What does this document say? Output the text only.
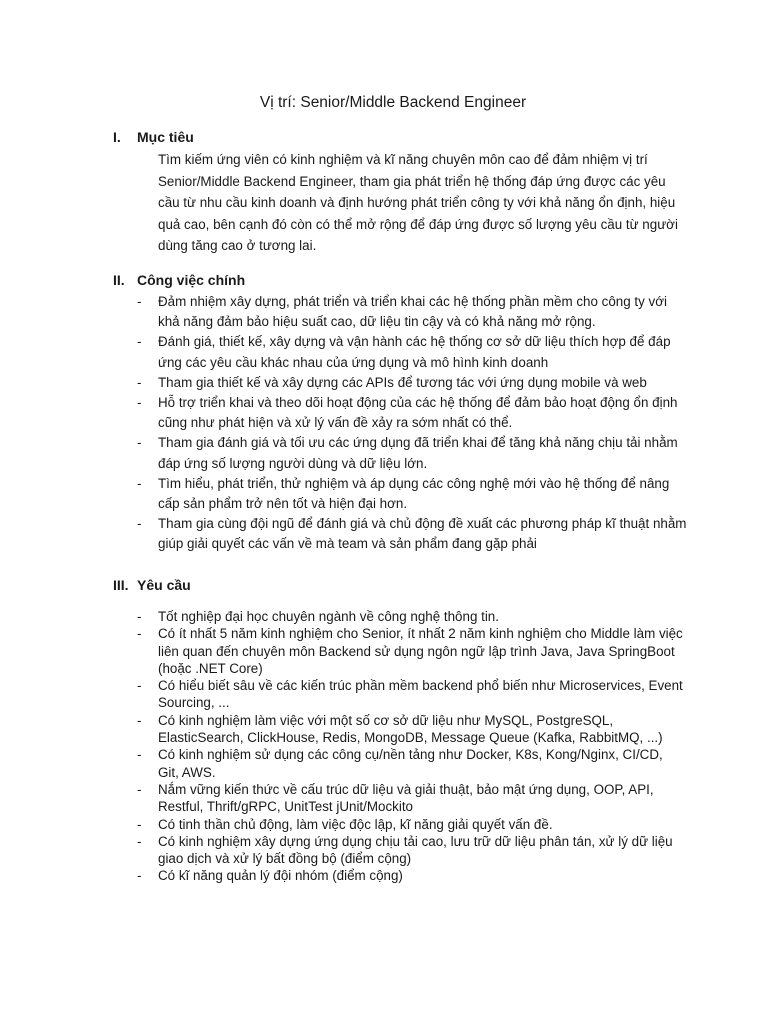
Vị trí: Senior/Middle Backend Engineer
I. Mục tiêu

Tìm kiếm ứng viên có kinh nghiệm và kĩ năng chuyên môn cao để đảm nhiệm vị trí Senior/Middle Backend Engineer, tham gia phát triển hệ thống đáp ứng được các yêu cầu từ nhu cầu kinh doanh và định hướng phát triển công ty với khả năng ổn định, hiệu quả cao, bên cạnh đó còn có thể mở rộng để đáp ứng được số lượng yêu cầu từ người dùng tăng cao ở tương lai.

II. Công việc chính
- Đảm nhiệm xây dựng, phát triển và triển khai các hệ thống phần mềm cho công ty với khả năng đảm bảo hiệu suất cao, dữ liệu tin cậy và có khả năng mở rộng.
- Đánh giá, thiết kế, xây dựng và vận hành các hệ thống cơ sở dữ liệu thích hợp để đáp ứng các yêu cầu khác nhau của ứng dụng và mô hình kinh doanh
- Tham gia thiết kế và xây dựng các APIs để tương tác với ứng dụng mobile và web
- Hỗ trợ triển khai và theo dõi hoạt động của các hệ thống để đảm bảo hoạt động ổn định cũng như phát hiện và xử lý vấn đề xảy ra sớm nhất có thể.
- Tham gia đánh giá và tối ưu các ứng dụng đã triển khai để tăng khả năng chịu tải nhằm đáp ứng số lượng người dùng và dữ liệu lớn.
- Tìm hiểu, phát triển, thử nghiệm và áp dụng các công nghệ mới vào hệ thống để nâng cấp sản phẩm trở nên tốt và hiện đại hơn.
- Tham gia cùng đội ngũ để đánh giá và chủ động đề xuất các phương pháp kĩ thuật nhằm giúp giải quyết các vấn về mà team và sản phẩm đang gặp phải
III. Yêu cầu
- Tốt nghiệp đại học chuyên ngành về công nghệ thông tin.
- Có ít nhất 5 năm kinh nghiệm cho Senior, ít nhất 2 năm kinh nghiệm cho Middle làm việc liên quan đến chuyên môn Backend sử dụng ngôn ngữ lập trình Java, Java SpringBoot (hoặc .NET Core)
- Có hiểu biết sâu về các kiến trúc phần mềm backend phổ biến như Microservices, Event Sourcing, ...
- Có kinh nghiệm làm việc với một số cơ sở dữ liệu như MySQL, PostgreSQL, ElasticSearch, ClickHouse, Redis, MongoDB, Message Queue (Kafka, RabbitMQ, ...)
- Có kinh nghiệm sử dụng các công cụ/nền tảng như Docker, K8s, Kong/Nginx, CI/CD, Git, AWS.
- Nắm vững kiến thức về cấu trúc dữ liệu và giải thuật, bảo mật ứng dụng, OOP, API, Restful, Thrift/gRPC, UnitTest jUnit/Mockito
- Có tinh thần chủ động, làm việc độc lập, kĩ năng giải quyết vấn đề.
- Có kinh nghiệm xây dựng ứng dụng chịu tải cao, lưu trữ dữ liệu phân tán, xử lý dữ liệu giao dịch và xử lý bất đồng bộ (điểm cộng)
- Có kĩ năng quản lý đội nhóm (điểm cộng)
